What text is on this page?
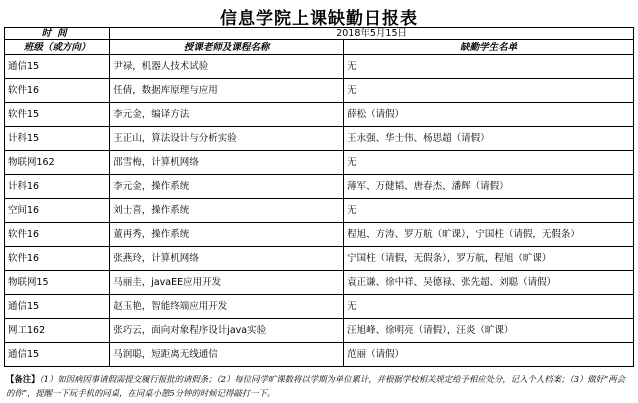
信息学院上课缺勤日报表
时间	2018年5月15日	
班级（或方向）	授课老师及课程名称	缺勤学生名单
通信15	尹禄，机器人技术试验	无
软件16	任倩，数据库原理与应用	无
软件15	李元金，编译方法	薛松（请假）
计科15	王正山，算法设计与分析实验	王永强、华士伟、杨思超（请假）
物联网162	邵雪梅，计算机网络	无
计科16	李元金，操作系统	薄军、万健韬、唐春杰、潘辉（请假）
空间16	刘士喜，操作系统	无
软件16	董再秀，操作系统	程旭、方涛、罗万航（旷课），宁国柱（请假，无假条）
软件16	张燕玲，计算机网络	宁国柱（请假，无假条），罗万航，程旭（旷课）
物联网15	马丽圭，javaEE应用开发	袁正谦、徐中祥、吴德禄、张先超、刘聪（请假）
通信15	赵玉艳，智能终端应用开发	无
网工162	张巧云，面向对象程序设计java实验	汪旭峰、徐明亮（请假），汪炎（旷课）
通信15	马润聪，短距离无线通信	范丽（请假）
【备注】（1）如因病因事请假需提交履行报批的请假条；（2）每位同学旷课数将以学期为单位累计，并根据学校相关规定给予相应处分，记入个人档案；（3）做好“两会的你”，提醒一下玩手机的同桌，在同桌小憩5分钟的时候记得敲打一下。
